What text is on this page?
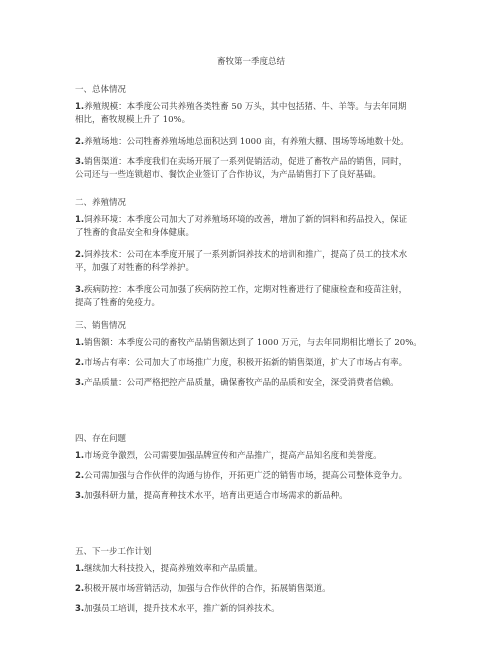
畜牧第一季度总结
一、总体情况
1.养殖规模：本季度公司共养殖各类牲畜 50 万头，其中包括猪、牛、羊等。与去年同期
相比，畜牧规模上升了 10%。
2.养殖场地：公司牲畜养殖场地总面积达到 1000 亩，有养殖大棚、围场等场地数十处。
3.销售渠道：本季度我们在卖场开展了一系列促销活动，促进了畜牧产品的销售，同时，
公司还与一些连锁超市、餐饮企业签订了合作协议，为产品销售打下了良好基础。
二、养殖情况
1.饲养环境：本季度公司加大了对养殖场环境的改善，增加了新的饲料和药品投入，保证
了牲畜的食品安全和身体健康。
2.饲养技术：公司在本季度开展了一系列新饲养技术的培训和推广，提高了员工的技术水
平，加强了对牲畜的科学养护。
3.疾病防控：本季度公司加强了疾病防控工作，定期对牲畜进行了健康检查和疫苗注射，
提高了牲畜的免疫力。
三、销售情况
1.销售额：本季度公司的畜牧产品销售额达到了 1000 万元，与去年同期相比增长了 20%。
2.市场占有率：公司加大了市场推广力度，积极开拓新的销售渠道，扩大了市场占有率。
3.产品质量：公司严格把控产品质量，确保畜牧产品的品质和安全，深受消费者信赖。
四、存在问题
1.市场竞争激烈，公司需要加强品牌宣传和产品推广，提高产品知名度和美誉度。
2.公司需加强与合作伙伴的沟通与协作，开拓更广泛的销售市场，提高公司整体竞争力。
3.加强科研力量，提高育种技术水平，培育出更适合市场需求的新品种。
五、下一步工作计划
1.继续加大科技投入，提高养殖效率和产品质量。
2.积极开展市场营销活动，加强与合作伙伴的合作，拓展销售渠道。
3.加强员工培训，提升技术水平，推广新的饲养技术。
